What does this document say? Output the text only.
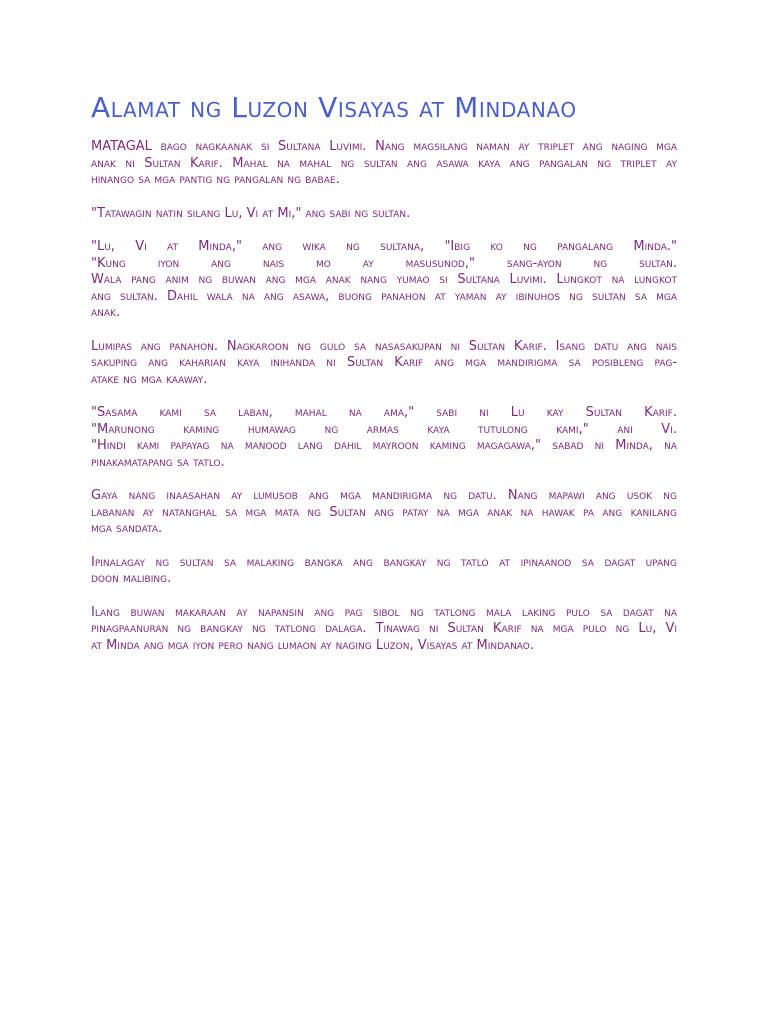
Alamat ng Luzon Visayas at Mindanao

MATAGAL bago nagkaanak si Sultana Luvimi. Nang magsilang naman ay triplet ang naging mga
anak ni Sultan Karif. Mahal na mahal ng sultan ang asawa kaya ang pangalan ng triplet ay
hinango sa mga pantig ng pangalan ng babae.

"Tatawagin natin silang Lu, Vi at Mi," ang sabi ng sultan.

"Lu, Vi at Minda," ang wika ng sultana, "Ibig ko ng pangalang Minda."
"Kung iyon ang nais mo ay masusunod," sang-ayon ng sultan.
Wala pang anim ng buwan ang mga anak nang yumao si Sultana Luvimi. Lungkot na lungkot
ang sultan. Dahil wala na ang asawa, buong panahon at yaman ay ibinuhos ng sultan sa mga
anak.

Lumipas ang panahon. Nagkaroon ng gulo sa nasasakupan ni Sultan Karif. Isang datu ang nais
sakuping ang kaharian kaya inihanda ni Sultan Karif ang mga mandirigma sa posibleng pag-
atake ng mga kaaway.

"Sasama kami sa laban, mahal na ama," sabi ni Lu kay Sultan Karif.
"Marunong kaming humawag ng armas kaya tutulong kami," ani Vi.
"Hindi kami papayag na manood lang dahil mayroon kaming magagawa," sabad ni Minda, na
pinakamatapang sa tatlo.

Gaya nang inaasahan ay lumusob ang mga mandirigma ng datu. Nang mapawi ang usok ng
labanan ay natanghal sa mga mata ng Sultan ang patay na mga anak na hawak pa ang kanilang
mga sandata.

Ipinalagay ng sultan sa malaking bangka ang bangkay ng tatlo at ipinaanod sa dagat upang
doon malibing.

Ilang buwan makaraan ay napansin ang pag sibol ng tatlong mala laking pulo sa dagat na
pinagpaanuran ng bangkay ng tatlong dalaga. Tinawag ni Sultan Karif na mga pulo ng Lu, Vi
at Minda ang mga iyon pero nang lumaon ay naging Luzon, Visayas at Mindanao.
